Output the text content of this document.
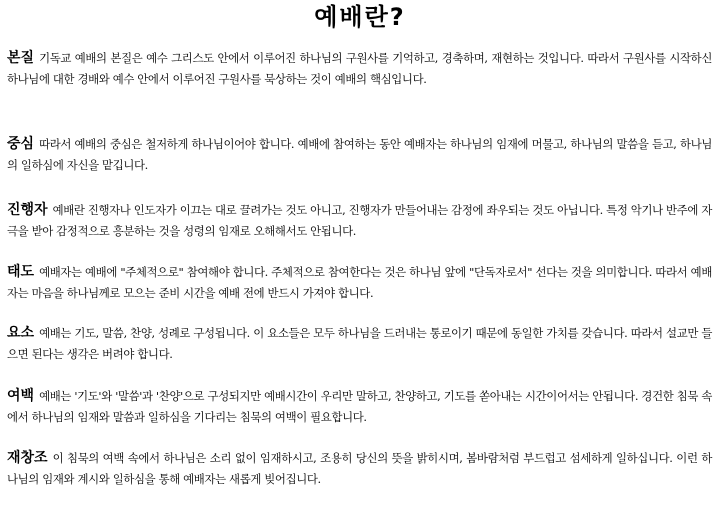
예배란?
본질 기독교 예배의 본질은 예수 그리스도 안에서 이루어진 하나님의 구원사를 기억하고, 경축하며, 재현하는 것입니다. 따라서 구원사를 시작하신 하나님에 대한 경배와 예수 안에서 이루어진 구원사를 묵상하는 것이 예배의 핵심입니다.
중심 따라서 예배의 중심은 철저하게 하나님이어야 합니다. 예배에 참여하는 동안 예배자는 하나님의 임재에 머물고, 하나님의 말씀을 듣고, 하나님의 일하심에 자신을 맡깁니다.
진행자 예배란 진행자나 인도자가 이끄는 대로 끌려가는 것도 아니고, 진행자가 만들어내는 감정에 좌우되는 것도 아닙니다. 특정 악기나 반주에 자극을 받아 감정적으로 흥분하는 것을 성령의 임재로 오해해서도 안됩니다.
태도 예배자는 예배에 "주체적으로" 참여해야 합니다. 주체적으로 참여한다는 것은 하나님 앞에 "단독자로서" 선다는 것을 의미합니다. 따라서 예배자는 마음을 하나님께로 모으는 준비 시간을 예배 전에 반드시 가져야 합니다.
요소 예배는 기도, 말씀, 찬양, 성례로 구성됩니다. 이 요소들은 모두 하나님을 드러내는 통로이기 때문에 동일한 가치를 갖습니다. 따라서 설교만 들으면 된다는 생각은 버려야 합니다.
여백 예배는 '기도'와 '말씀'과 '찬양'으로 구성되지만 예배시간이 우리만 말하고, 찬양하고, 기도를 쏟아내는 시간이어서는 안됩니다. 경건한 침묵 속에서 하나님의 임재와 말씀과 일하심을 기다리는 침묵의 여백이 필요합니다.
재창조 이 침묵의 여백 속에서 하나님은 소리 없이 임재하시고, 조용히 당신의 뜻을 밝히시며, 봄바람처럼 부드럽고 섬세하게 일하십니다. 이런 하나님의 임재와 계시와 일하심을 통해 예배자는 새롭게 빚어집니다.
